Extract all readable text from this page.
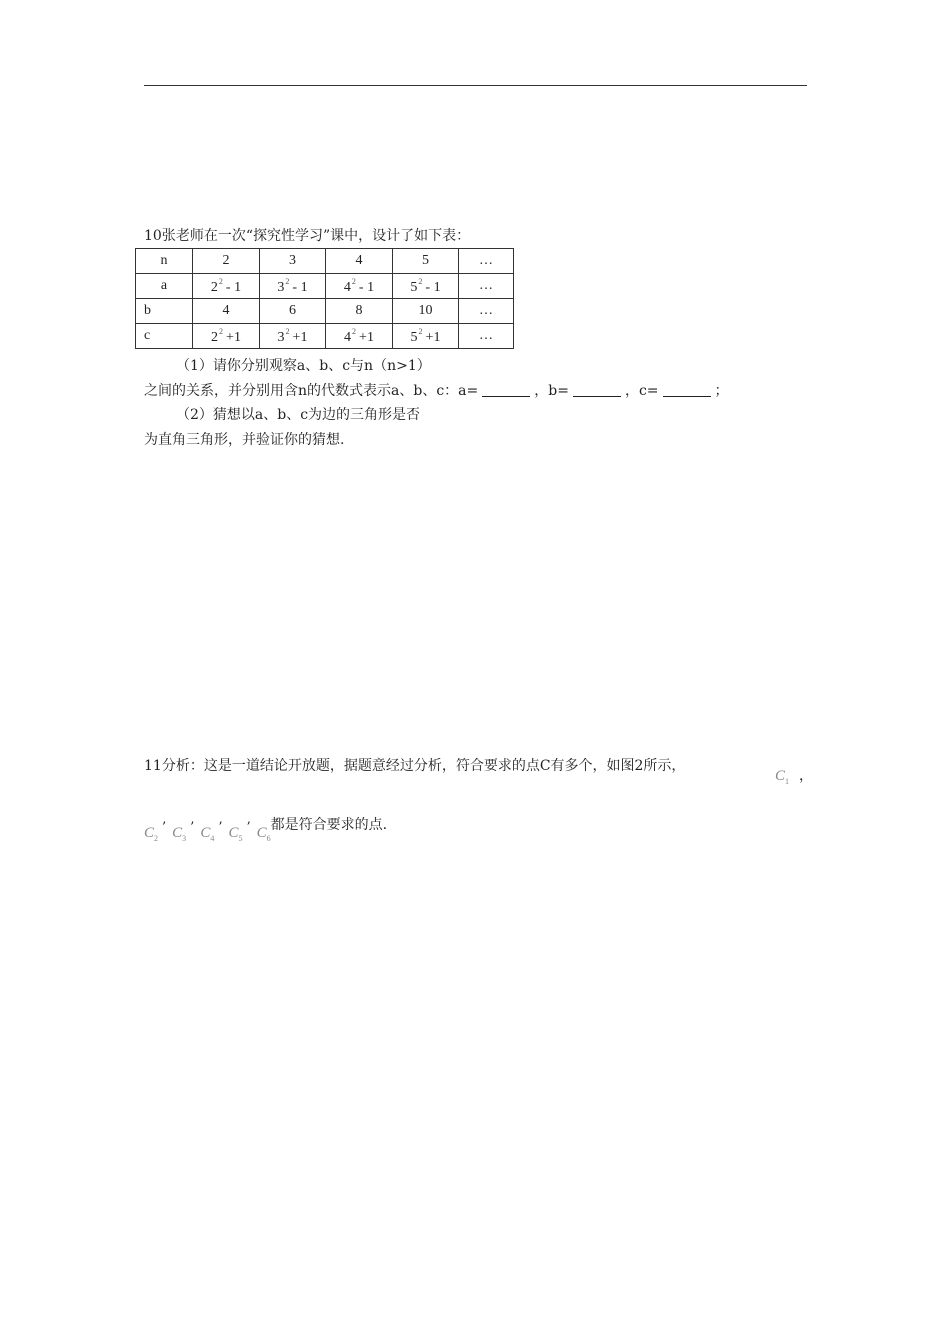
10张老师在一次“探究性学习”课中，设计了如下表：
n	2	3	4	5	…
a	$2^2 - 1$	$3^2 - 1$	$4^2 - 1$	$5^2 - 1$	…
b	4	6	8	10	…
c	$2^2 +1$	$3^2 +1$	$4^2 +1$	$5^2 +1$	…
（1）请你分别观察a、b、c与n（n>1）
之间的关系，并分别用含n的代数式表示a、b、c：a=	，b=	，c=	；
（2）猜想以a、b、c为边的三角形是否
为直角三角形，并验证你的猜想.
11分析：这是一道结论开放题，据题意经过分析，符合要求的点C有多个，如图2所示，
$C_1$ ，
$C_2$’ $C_3$’ $C_4$’ $C_5$’ $C_6$都是符合要求的点.
